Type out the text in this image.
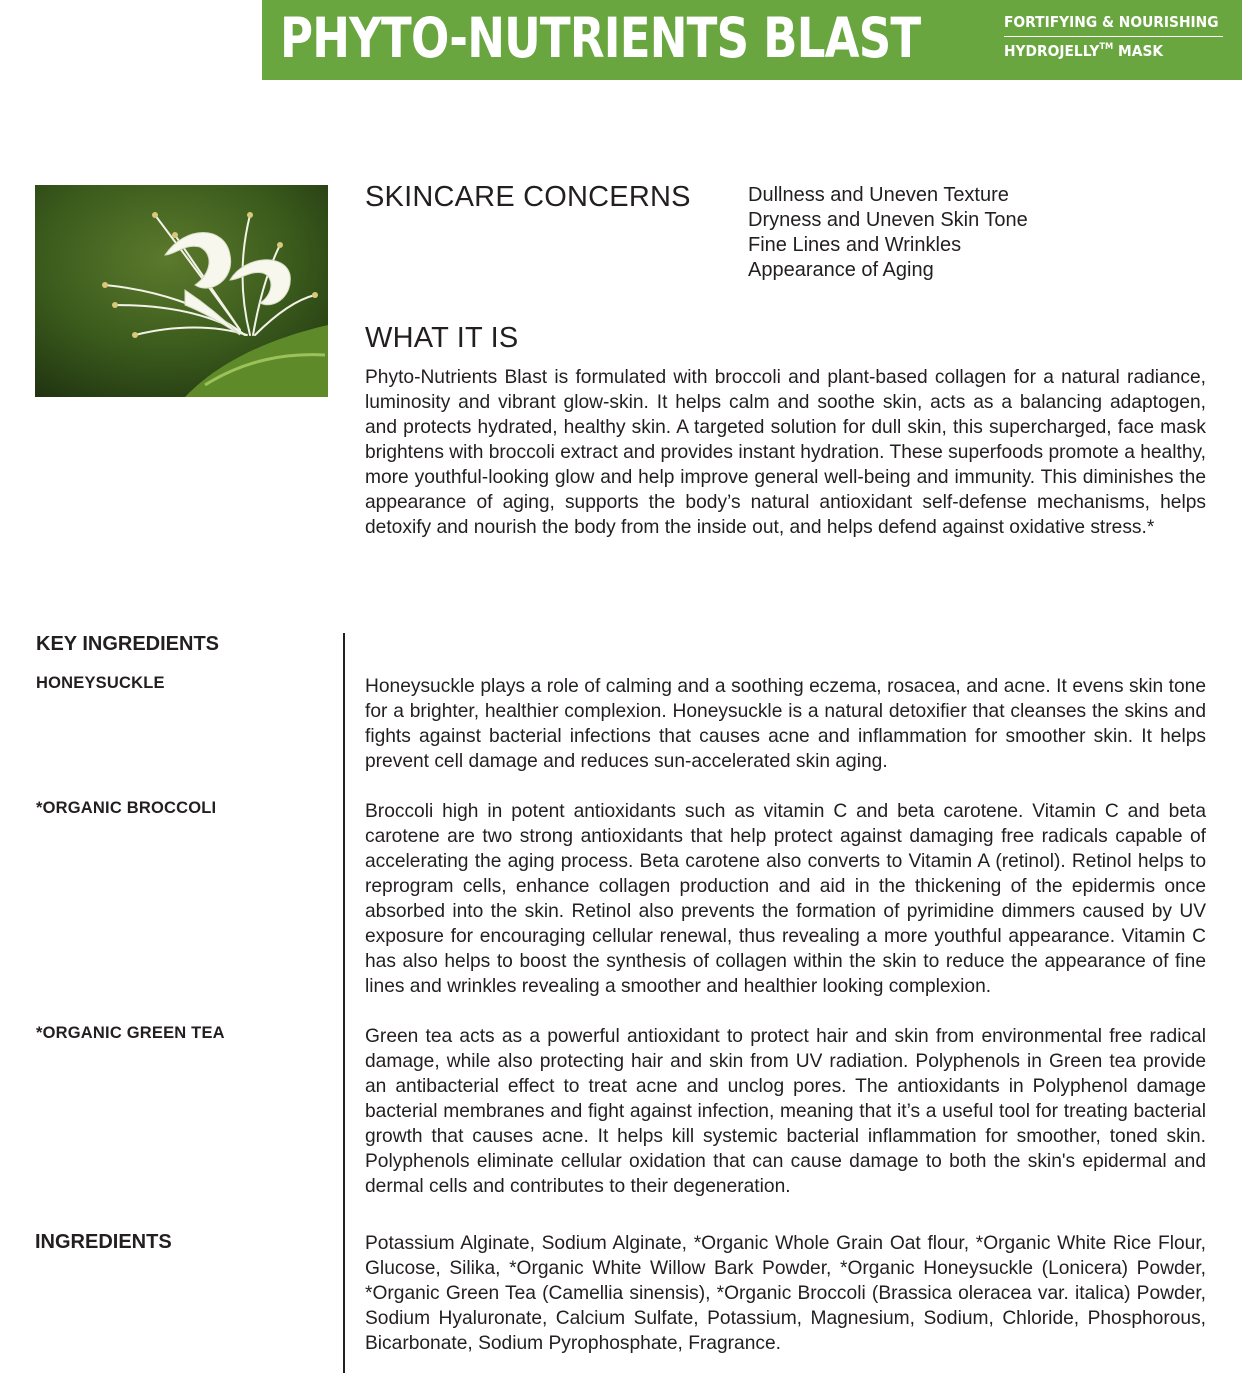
PHYTO-NUTRIENTS BLAST	FORTIFYING & NOURISHING
HYDROJELLY™ MASK
SKINCARE CONCERNS	Dullness and Uneven Texture
Dryness and Uneven Skin Tone
Fine Lines and Wrinkles
Appearance of Aging
WHAT IT IS
Phyto-Nutrients Blast is formulated with broccoli and plant-based collagen for a natural radiance, luminosity and vibrant glow-skin. It helps calm and soothe skin, acts as a balancing adaptogen, and protects hydrated, healthy skin. A targeted solution for dull skin, this supercharged, face mask brightens with broccoli extract and provides instant hydration. These superfoods promote a healthy, more youthful-looking glow and help improve general well-being and immunity. This diminishes the appearance of aging, supports the body’s natural antioxidant self-defense mechanisms, helps detoxify and nourish the body from the inside out, and helps defend against oxidative stress.*
KEY INGREDIENTS
HONEYSUCKLE	Honeysuckle plays a role of calming and a soothing eczema, rosacea, and acne. It evens skin tone for a brighter, healthier complexion. Honeysuckle is a natural detoxifier that cleanses the skins and fights against bacterial infections that causes acne and inflammation for smoother skin. It helps prevent cell damage and reduces sun-accelerated skin aging.
*ORGANIC BROCCOLI	Broccoli high in potent antioxidants such as vitamin C and beta carotene. Vitamin C and beta carotene are two strong antioxidants that help protect against damaging free radicals capable of accelerating the aging process. Beta carotene also converts to Vitamin A (retinol). Retinol helps to reprogram cells, enhance collagen production and aid in the thickening of the epidermis once absorbed into the skin. Retinol also prevents the formation of pyrimidine dimmers caused by UV exposure for encouraging cellular renewal, thus revealing a more youthful appearance. Vitamin C has also helps to boost the synthesis of collagen within the skin to reduce the appearance of fine lines and wrinkles revealing a smoother and healthier looking complexion.
*ORGANIC GREEN TEA	Green tea acts as a powerful antioxidant to protect hair and skin from environmental free radical damage, while also protecting hair and skin from UV radiation. Polyphenols in Green tea provide an antibacterial effect to treat acne and unclog pores. The antioxidants in Polyphenol damage bacterial membranes and fight against infection, meaning that it’s a useful tool for treating bacterial growth that causes acne. It helps kill systemic bacterial inflammation for smoother, toned skin. Polyphenols eliminate cellular oxidation that can cause damage to both the skin's epidermal and dermal cells and contributes to their degeneration.
INGREDIENTS	Potassium Alginate, Sodium Alginate, *Organic Whole Grain Oat flour, *Organic White Rice Flour, Glucose, Silika, *Organic White Willow Bark Powder, *Organic Honeysuckle (Lonicera) Powder, *Organic Green Tea (Camellia sinensis), *Organic Broccoli (Brassica oleracea var. italica) Powder, Sodium Hyaluronate, Calcium Sulfate, Potassium, Magnesium, Sodium, Chloride, Phosphorous, Bicarbonate, Sodium Pyrophosphate, Fragrance.
